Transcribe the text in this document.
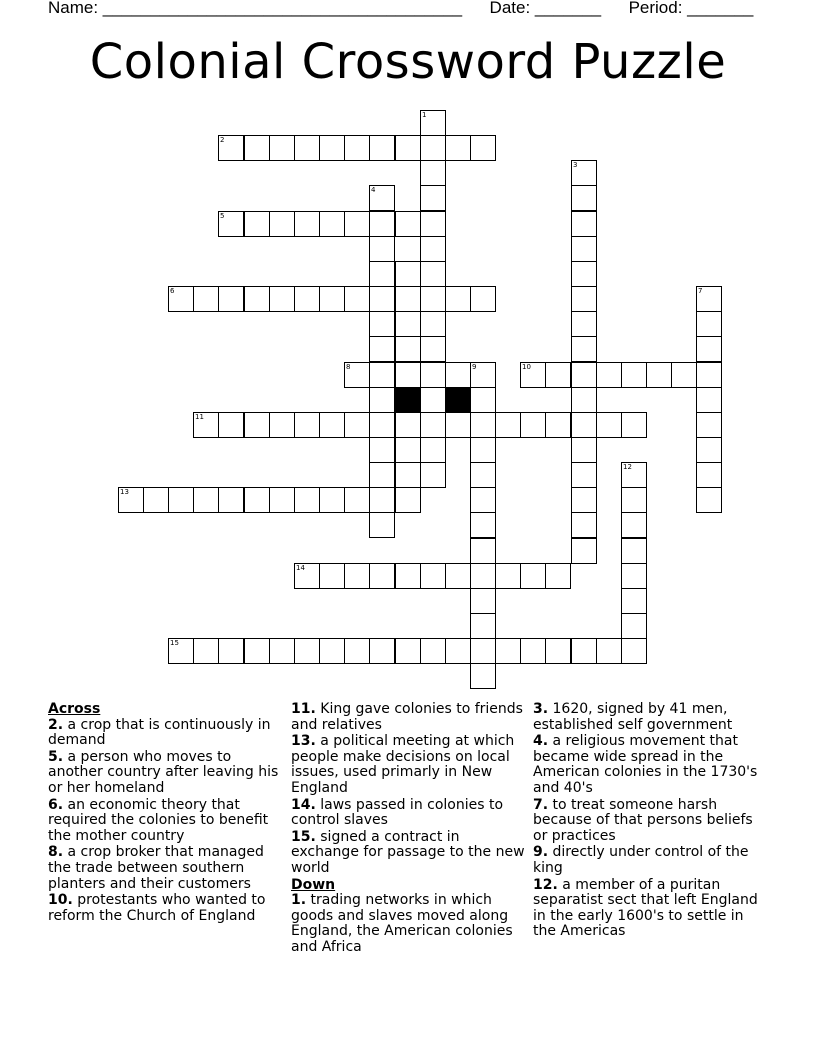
Name: ______________________________________ Date: _______ Period: _______
Colonial Crossword Puzzle
1
2
3
4
5
6	7
8	9	10
11
12
13
14
15
Across
2. a crop that is continuously in demand
5. a person who moves to another country after leaving his or her homeland
6. an economic theory that required the colonies to benefit the mother country
8. a crop broker that managed the trade between southern planters and their customers
10. protestants who wanted to reform the Church of England
11. King gave colonies to friends and relatives
13. a political meeting at which people make decisions on local issues, used primarly in New England
14. laws passed in colonies to control slaves
15. signed a contract in exchange for passage to the new world
Down
1. trading networks in which goods and slaves moved along England, the American colonies and Africa
3. 1620, signed by 41 men, established self government
4. a religious movement that became wide spread in the American colonies in the 1730's and 40's
7. to treat someone harsh because of that persons beliefs or practices
9. directly under control of the king
12. a member of a puritan separatist sect that left England in the early 1600's to settle in the Americas
